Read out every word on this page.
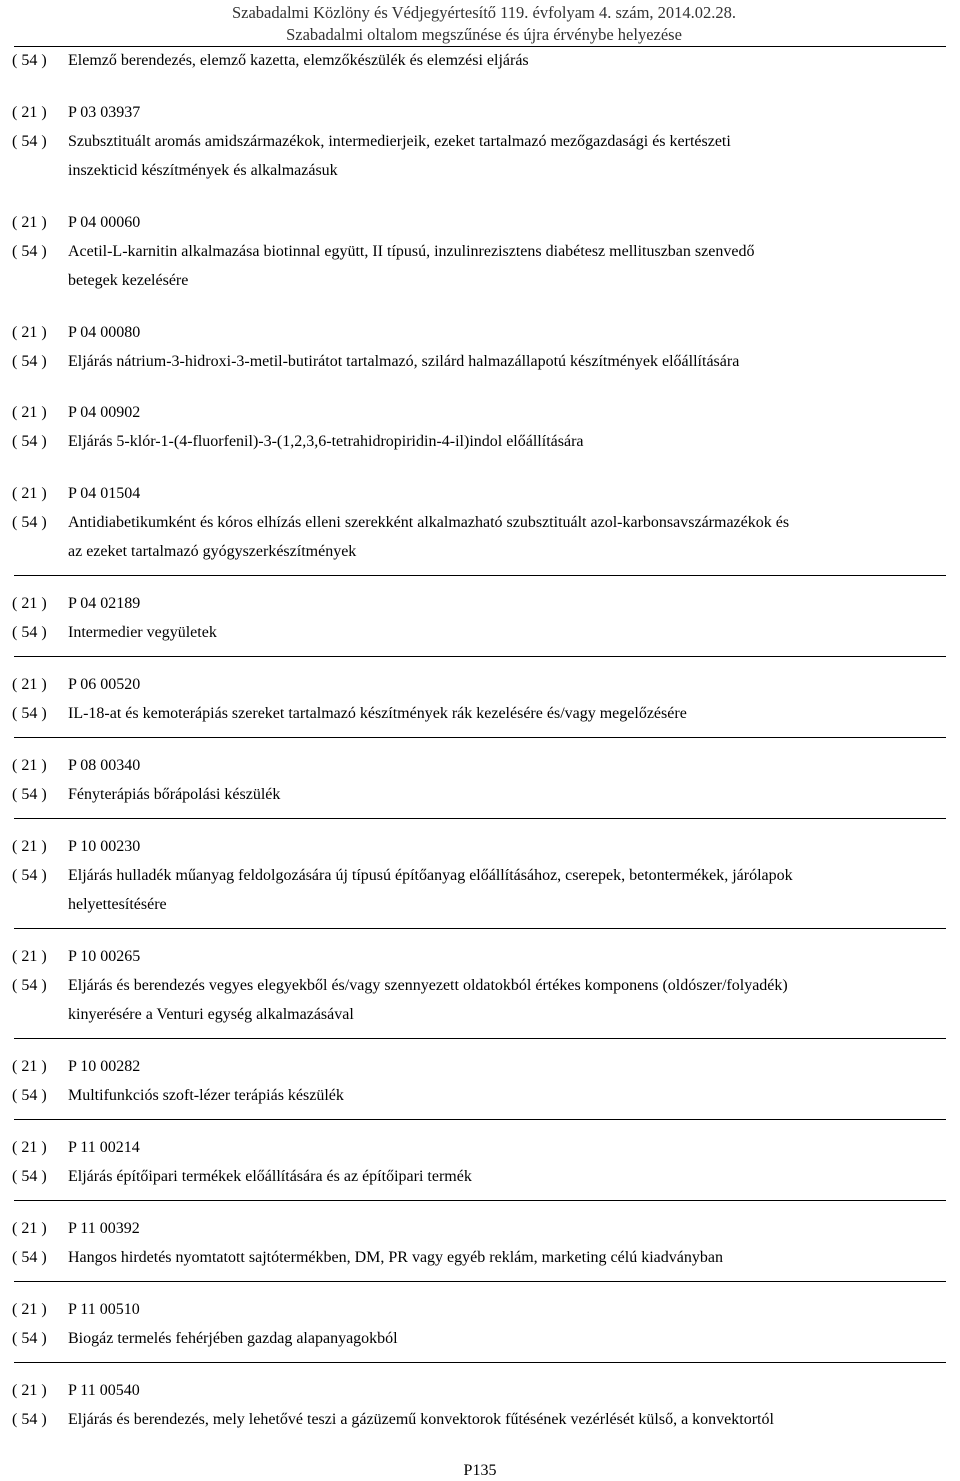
Szabadalmi Közlöny és Védjegyértesítő 119. évfolyam 4. szám, 2014.02.28.
Szabadalmi oltalom megszűnése és újra érvénybe helyezése
( 54 ) Elemző berendezés, elemző kazetta, elemzőkészülék és elemzési eljárás
( 21 ) P 03 03937
( 54 ) Szubsztituált aromás amidszármazékok, intermedierjeik, ezeket tartalmazó mezőgazdasági és kertészeti
inszekticid készítmények és alkalmazásuk
( 21 ) P 04 00060
( 54 ) Acetil-L-karnitin alkalmazása biotinnal együtt, II típusú, inzulinrezisztens diabétesz mellituszban szenvedő
betegek kezelésére
( 21 ) P 04 00080
( 54 ) Eljárás nátrium-3-hidroxi-3-metil-butirátot tartalmazó, szilárd halmazállapotú készítmények előállítására
( 21 ) P 04 00902
( 54 ) Eljárás 5-klór-1-(4-fluorfenil)-3-(1,2,3,6-tetrahidropiridin-4-il)indol előállítására
( 21 ) P 04 01504
( 54 ) Antidiabetikumként és kóros elhízás elleni szerekként alkalmazható szubsztituált azol-karbonsavszármazékok és
az ezeket tartalmazó gyógyszerkészítmények
( 21 ) P 04 02189
( 54 ) Intermedier vegyületek
( 21 ) P 06 00520
( 54 ) IL-18-at és kemoterápiás szereket tartalmazó készítmények rák kezelésére és/vagy megelőzésére
( 21 ) P 08 00340
( 54 ) Fényterápiás bőrápolási készülék
( 21 ) P 10 00230
( 54 ) Eljárás hulladék műanyag feldolgozására új típusú építőanyag előállításához, cserepek, betontermékek, járólapok
helyettesítésére
( 21 ) P 10 00265
( 54 ) Eljárás és berendezés vegyes elegyekből és/vagy szennyezett oldatokból értékes komponens (oldószer/folyadék)
kinyerésére a Venturi egység alkalmazásával
( 21 ) P 10 00282
( 54 ) Multifunkciós szoft-lézer terápiás készülék
( 21 ) P 11 00214
( 54 ) Eljárás építőipari termékek előállítására és az építőipari termék
( 21 ) P 11 00392
( 54 ) Hangos hirdetés nyomtatott sajtótermékben, DM, PR vagy egyéb reklám, marketing célú kiadványban
( 21 ) P 11 00510
( 54 ) Biogáz termelés fehérjében gazdag alapanyagokból
( 21 ) P 11 00540
( 54 ) Eljárás és berendezés, mely lehetővé teszi a gázüzemű konvektorok fűtésének vezérlését külső, a konvektortól
P135
